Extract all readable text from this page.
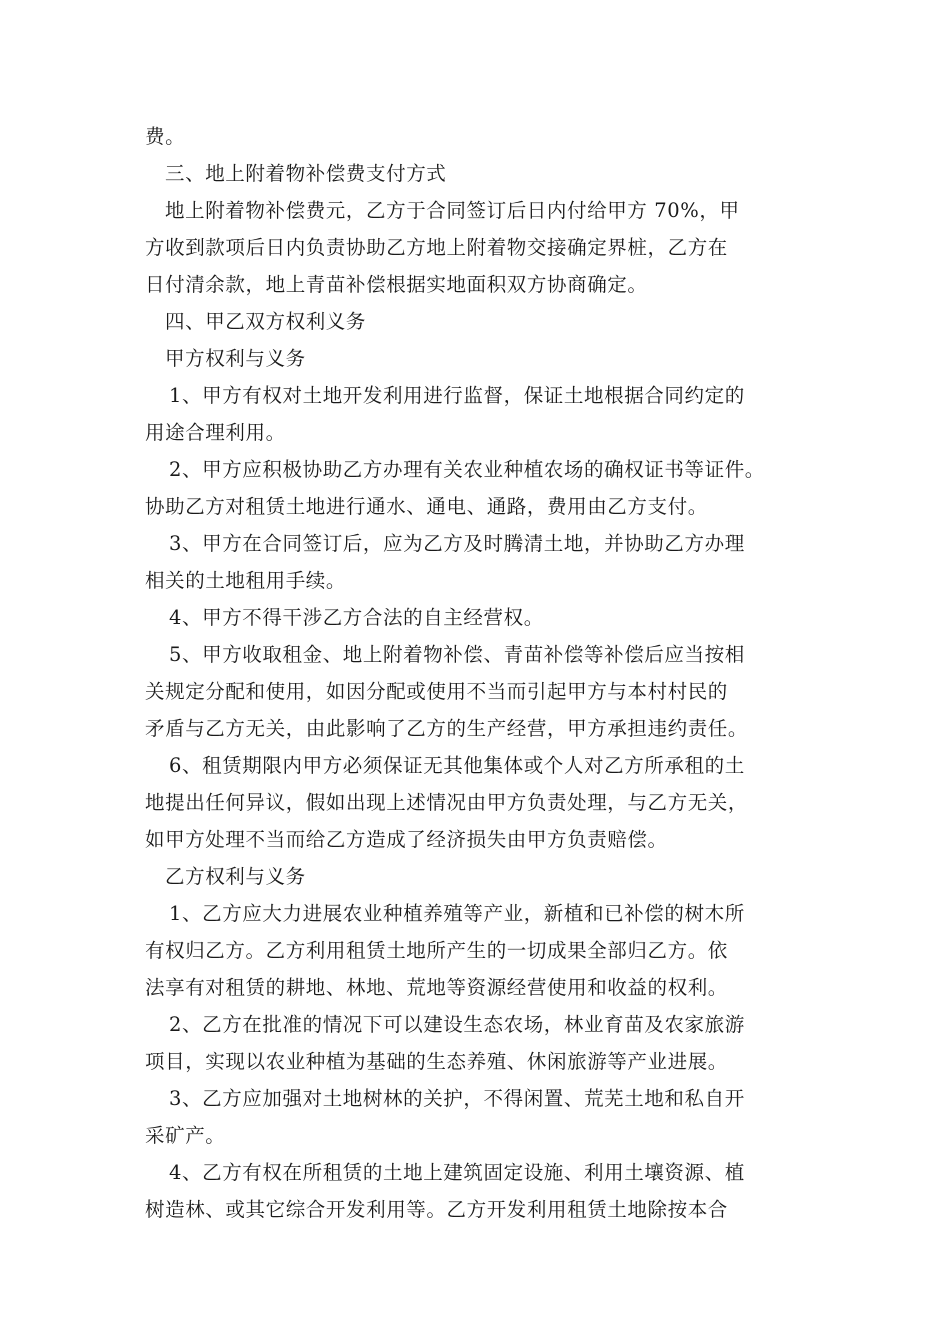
费。

三、地上附着物补偿费支付方式

地上附着物补偿费元，乙方于合同签订后日内付给甲方 70%，甲
方收到款项后日内负责协助乙方地上附着物交接确定界桩，乙方在
日付清余款，地上青苗补偿根据实地面积双方协商确定。

四、甲乙双方权利义务

甲方权利与义务

1、甲方有权对土地开发利用进行监督，保证土地根据合同约定的
用途合理利用。

2、甲方应积极协助乙方办理有关农业种植农场的确权证书等证件。
协助乙方对租赁土地进行通水、通电、通路，费用由乙方支付。

3、甲方在合同签订后，应为乙方及时腾清土地，并协助乙方办理
相关的土地租用手续。

4、甲方不得干涉乙方合法的自主经营权。

5、甲方收取租金、地上附着物补偿、青苗补偿等补偿后应当按相
关规定分配和使用，如因分配或使用不当而引起甲方与本村村民的
矛盾与乙方无关，由此影响了乙方的生产经营，甲方承担违约责任。

6、租赁期限内甲方必须保证无其他集体或个人对乙方所承租的土
地提出任何异议，假如出现上述情况由甲方负责处理，与乙方无关，
如甲方处理不当而给乙方造成了经济损失由甲方负责赔偿。

乙方权利与义务

1、乙方应大力进展农业种植养殖等产业，新植和已补偿的树木所
有权归乙方。乙方利用租赁土地所产生的一切成果全部归乙方。依
法享有对租赁的耕地、林地、荒地等资源经营使用和收益的权利。

2、乙方在批准的情况下可以建设生态农场，林业育苗及农家旅游
项目，实现以农业种植为基础的生态养殖、休闲旅游等产业进展。

3、乙方应加强对土地树林的关护，不得闲置、荒芜土地和私自开
采矿产。

4、乙方有权在所租赁的土地上建筑固定设施、利用土壤资源、植
树造林、或其它综合开发利用等。乙方开发利用租赁土地除按本合
